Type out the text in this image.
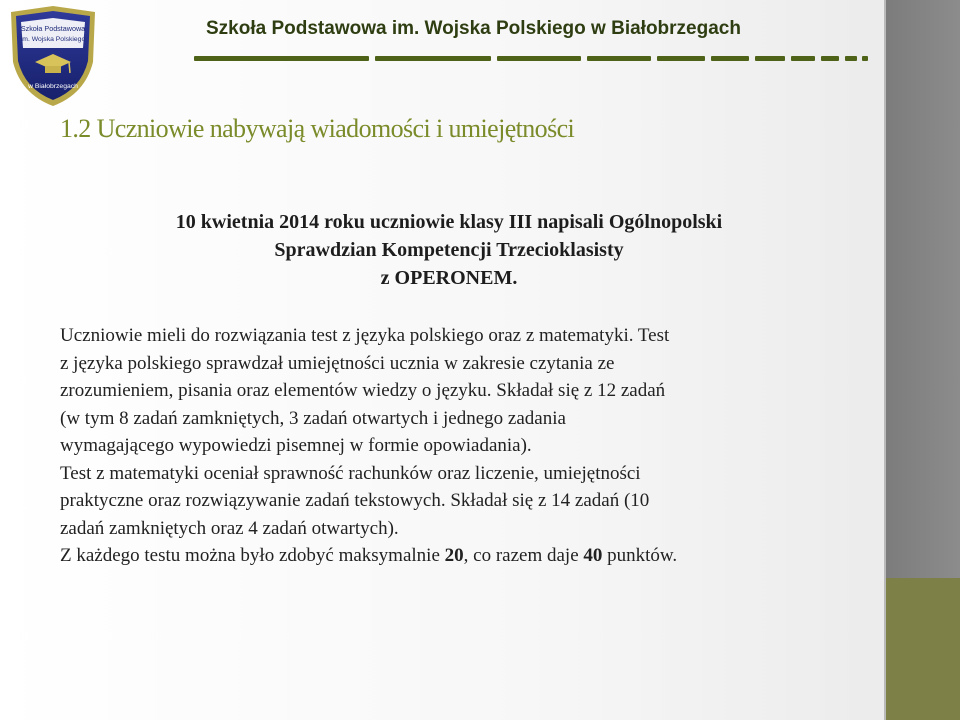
Szkoła Podstawowa
im. Wojska Polskiego
w Białobrzegach
Szkoła Podstawowa im. Wojska Polskiego w Białobrzegach
1.2 Uczniowie nabywają wiadomości i umiejętności
10 kwietnia 2014 roku uczniowie klasy III napisali Ogólnopolski
Sprawdzian Kompetencji Trzecioklasisty
z OPERONEM.
Uczniowie mieli do rozwiązania test z języka polskiego oraz z matematyki. Test
z języka polskiego sprawdzał umiejętności ucznia w zakresie czytania ze
zrozumieniem, pisania oraz elementów wiedzy o języku. Składał się z 12 zadań
(w tym 8 zadań zamkniętych, 3 zadań otwartych i jednego zadania
wymagającego wypowiedzi pisemnej w formie opowiadania).
Test z matematyki oceniał sprawność rachunków oraz liczenie, umiejętności
praktyczne oraz rozwiązywanie zadań tekstowych. Składał się z 14 zadań (10
zadań zamkniętych oraz 4 zadań otwartych).
Z każdego testu można było zdobyć maksymalnie 20, co razem daje 40 punktów.
